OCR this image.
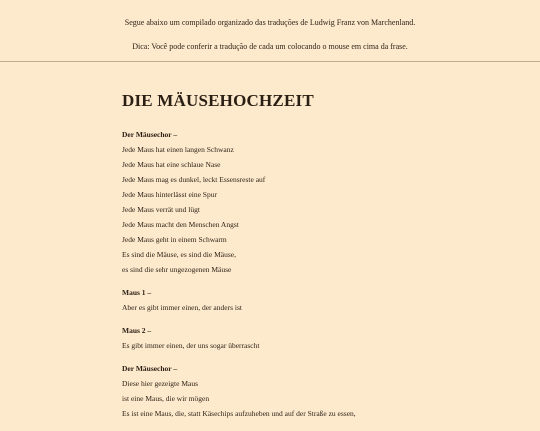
Segue abaixo um compilado organizado das traduções de Ludwig Franz von Marchenland.

Dica: Você pode conferir a tradução de cada um colocando o mouse em cima da frase.

DIE MÄUSEHOCHZEIT
Der Mäusechor –
Jede Maus hat einen langen Schwanz
Jede Maus hat eine schlaue Nase
Jede Maus mag es dunkel, leckt Essensreste auf
Jede Maus hinterlässt eine Spur
Jede Maus verrät und lügt
Jede Maus macht den Menschen Angst
Jede Maus geht in einem Schwarm
Es sind die Mäuse, es sind die Mäuse,
es sind die sehr ungezogenen Mäuse
Maus 1 –
Aber es gibt immer einen, der anders ist
Maus 2 –
Es gibt immer einen, der uns sogar überrascht
Der Mäusechor –
Diese hier gezeigte Maus
ist eine Maus, die wir mögen
Es ist eine Maus, die, statt Käsechips aufzuheben und auf der Straße zu essen,
